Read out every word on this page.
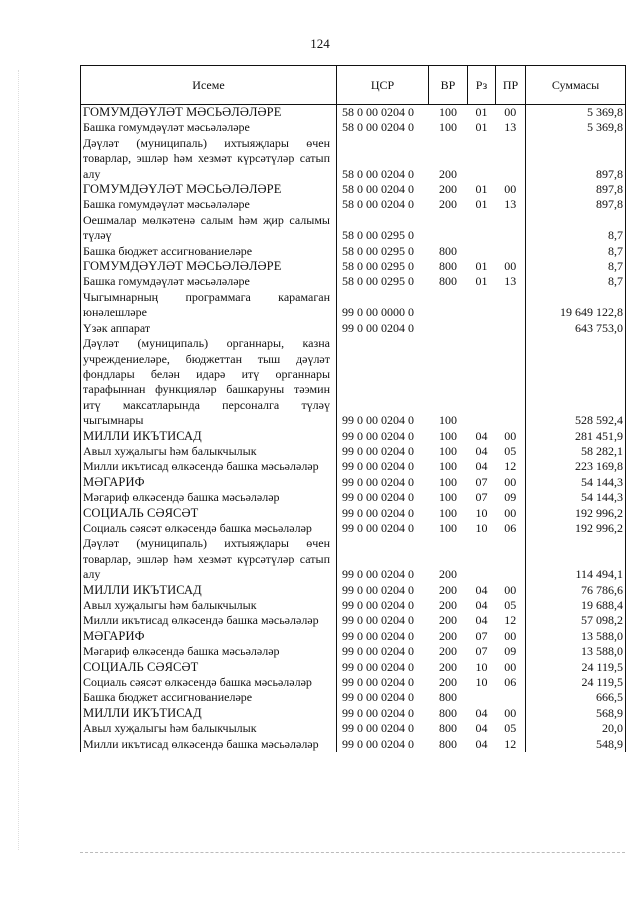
124
Исеме	ЦСР	ВР	Рз	ПР	Суммасы
ГОМУМДӘҮЛӘТ МӘСЬӘЛӘЛӘРЕ	58 0 00 0204 0	100	01	00	5 369,8
Башка гомумдәүләт мәсьәләләре	58 0 00 0204 0	100	01	13	5 369,8
Дәүләт (муниципаль) ихтыяҗлары өчен товарлар, эшләр һәм хезмәт күрсәтүләр сатып алу	58 0 00 0204 0	200			897,8
ГОМУМДӘҮЛӘТ МӘСЬӘЛӘЛӘРЕ	58 0 00 0204 0	200	01	00	897,8
Башка гомумдәүләт мәсьәләләре	58 0 00 0204 0	200	01	13	897,8
Оешмалар мөлкәтенә салым һәм җир салымы түләү	58 0 00 0295 0				8,7
Башка бюджет ассигнованиеләре	58 0 00 0295 0	800			8,7
ГОМУМДӘҮЛӘТ МӘСЬӘЛӘЛӘРЕ	58 0 00 0295 0	800	01	00	8,7
Башка гомумдәүләт мәсьәләләре	58 0 00 0295 0	800	01	13	8,7
Чыгымнарның программага карамаган юнәлешләре	99 0 00 0000 0				19 649 122,8
Үзәк аппарат	99 0 00 0204 0				643 753,0
Дәүләт (муниципаль) органнары, казна учреждениеләре, бюджеттан тыш дәүләт фондлары белән идарә итү органнары тарафыннан функцияләр башкаруны тәэмин итү максатларында персоналга түләү чыгымнары	99 0 00 0204 0	100			528 592,4
МИЛЛИ ИКЪТИСАД	99 0 00 0204 0	100	04	00	281 451,9
Авыл хуҗалыгы һәм балыкчылык	99 0 00 0204 0	100	04	05	58 282,1
Милли икътисад өлкәсендә башка мәсьәләләр	99 0 00 0204 0	100	04	12	223 169,8
МӘГАРИФ	99 0 00 0204 0	100	07	00	54 144,3
Мәгариф өлкәсендә башка мәсьәләләр	99 0 00 0204 0	100	07	09	54 144,3
СОЦИАЛЬ СӘЯСӘТ	99 0 00 0204 0	100	10	00	192 996,2
Социаль сәясәт өлкәсендә башка мәсьәләләр	99 0 00 0204 0	100	10	06	192 996,2
Дәүләт (муниципаль) ихтыяҗлары өчен товарлар, эшләр һәм хезмәт күрсәтүләр сатып алу	99 0 00 0204 0	200			114 494,1
МИЛЛИ ИКЪТИСАД	99 0 00 0204 0	200	04	00	76 786,6
Авыл хуҗалыгы һәм балыкчылык	99 0 00 0204 0	200	04	05	19 688,4
Милли икътисад өлкәсендә башка мәсьәләләр	99 0 00 0204 0	200	04	12	57 098,2
МӘГАРИФ	99 0 00 0204 0	200	07	00	13 588,0
Мәгариф өлкәсендә башка мәсьәләләр	99 0 00 0204 0	200	07	09	13 588,0
СОЦИАЛЬ СӘЯСӘТ	99 0 00 0204 0	200	10	00	24 119,5
Социаль сәясәт өлкәсендә башка мәсьәләләр	99 0 00 0204 0	200	10	06	24 119,5
Башка бюджет ассигнованиеләре	99 0 00 0204 0	800			666,5
МИЛЛИ ИКЪТИСАД	99 0 00 0204 0	800	04	00	568,9
Авыл хуҗалыгы һәм балыкчылык	99 0 00 0204 0	800	04	05	20,0
Милли икътисад өлкәсендә башка мәсьәләләр	99 0 00 0204 0	800	04	12	548,9
